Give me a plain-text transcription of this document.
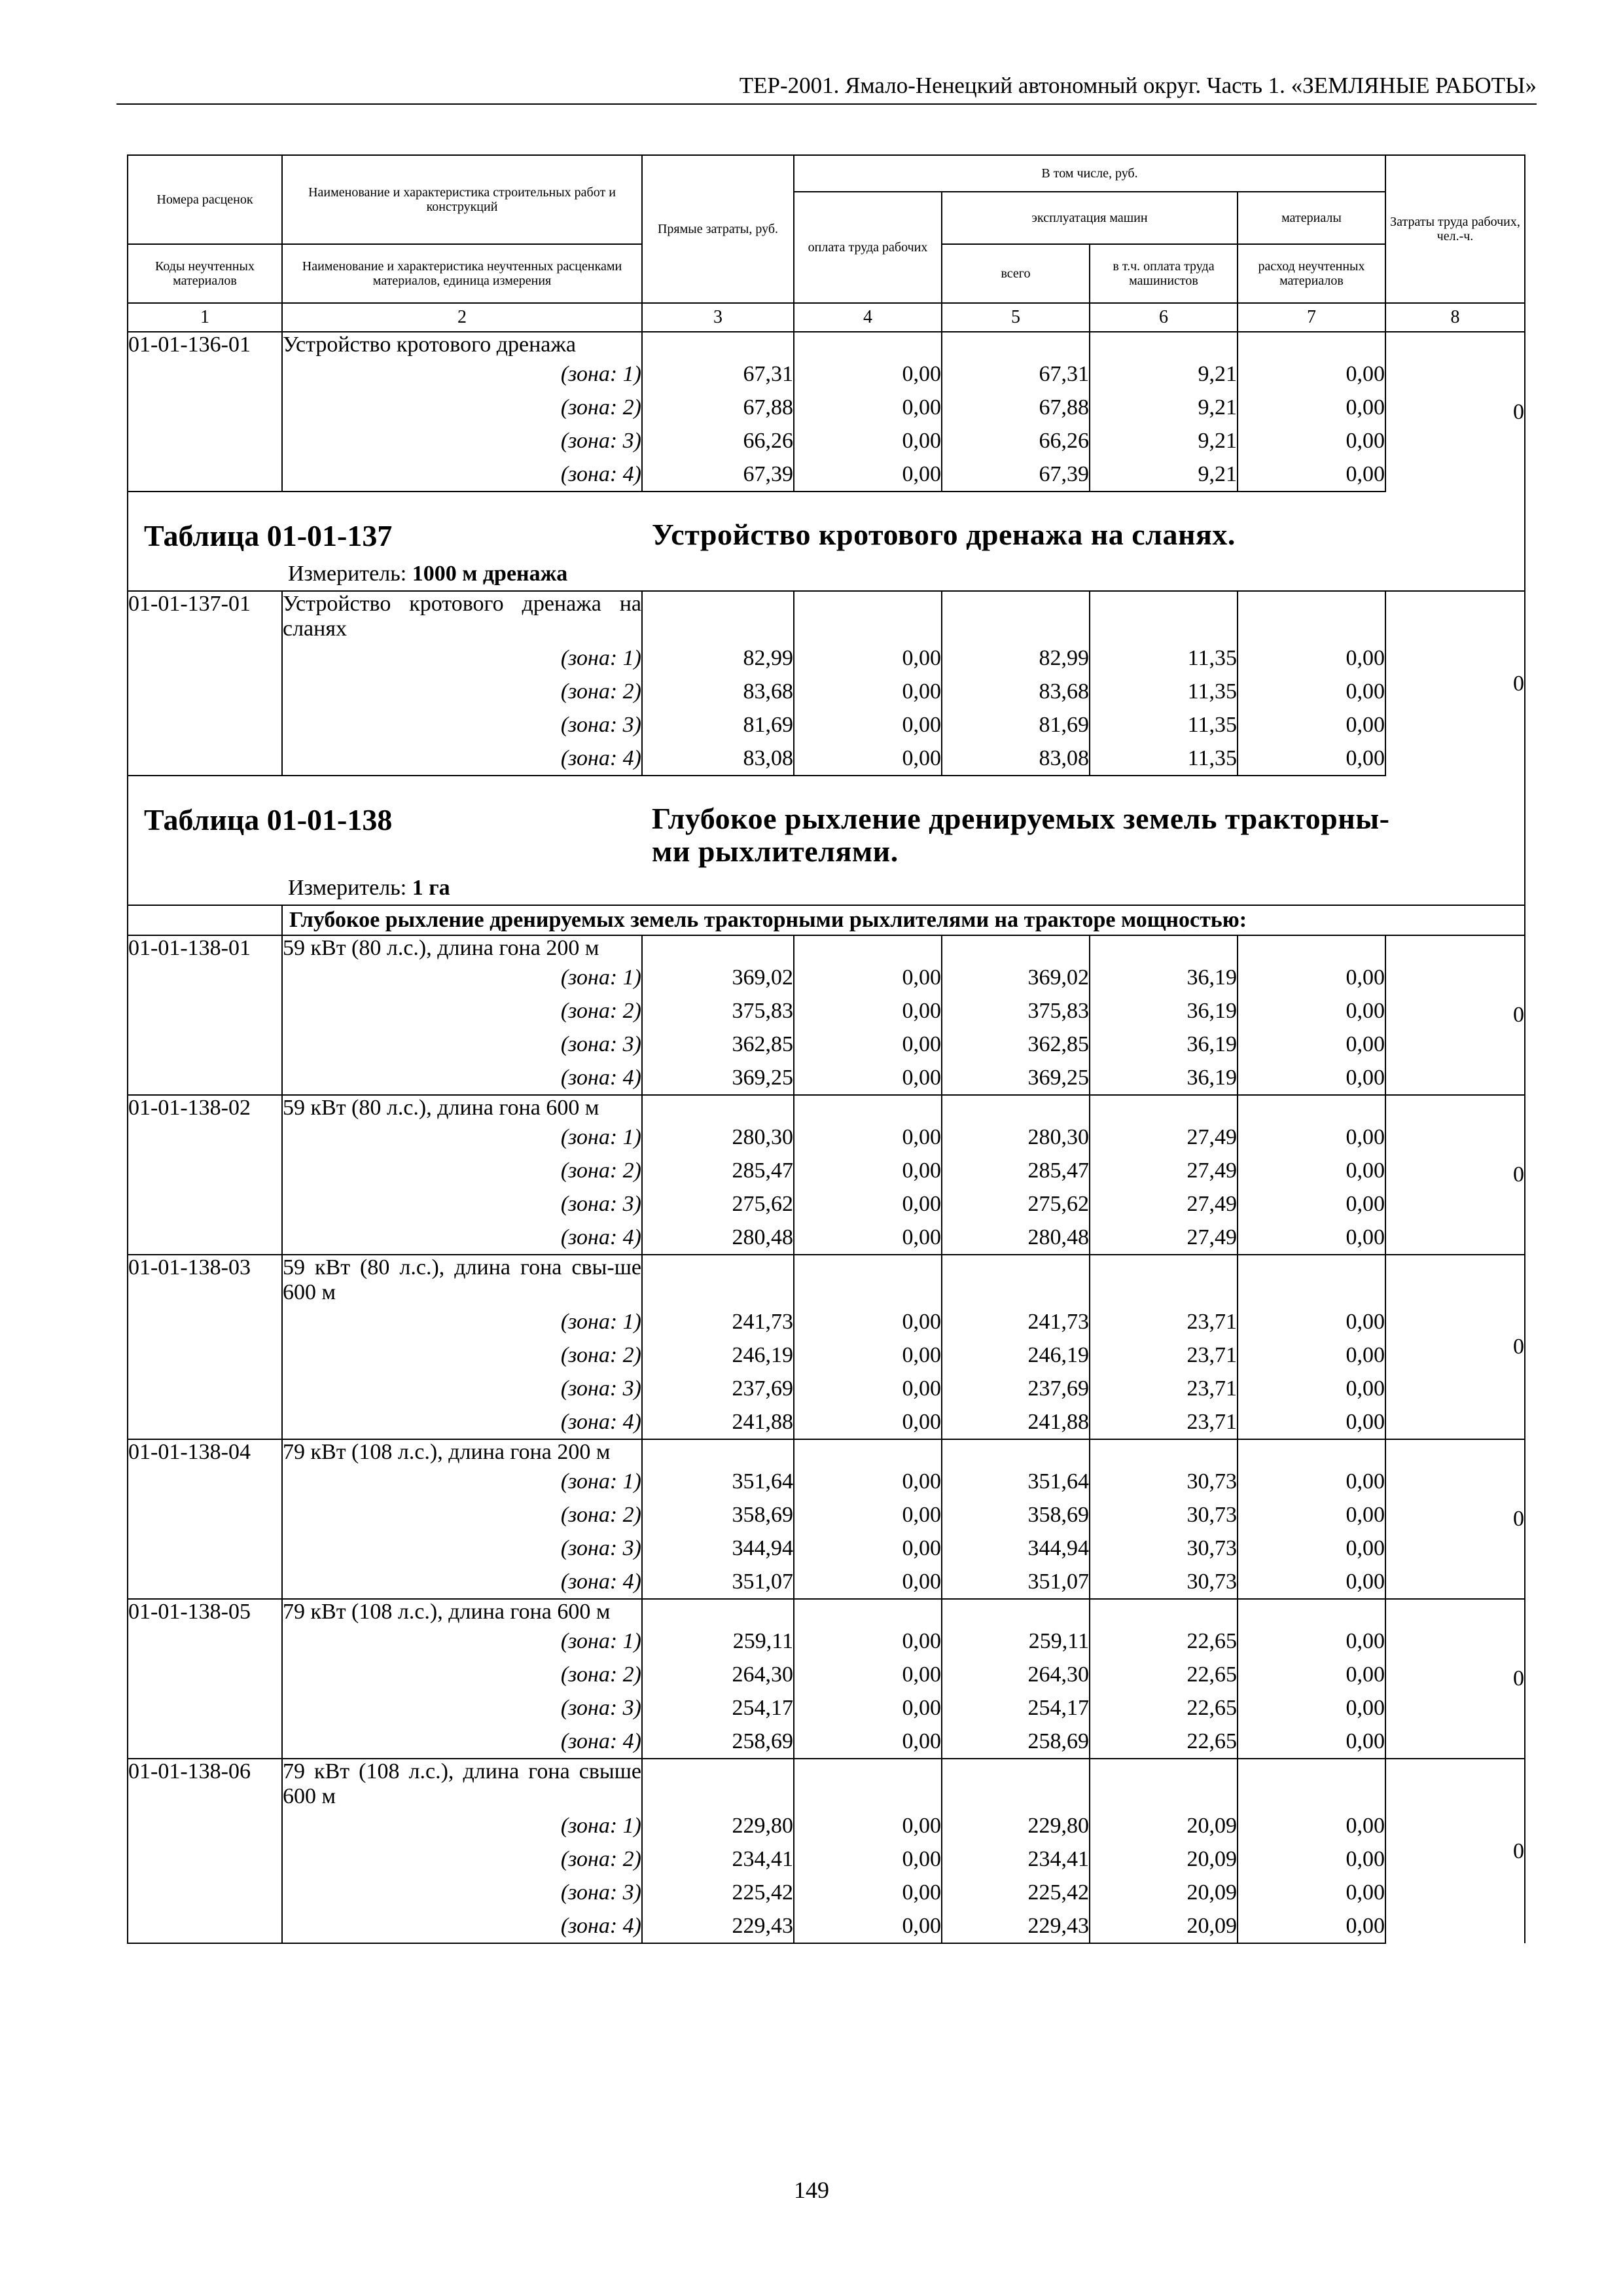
ТЕР-2001. Ямало-Ненецкий автономный округ. Часть 1. «ЗЕМЛЯНЫЕ РАБОТЫ»
Номера расценок	Наименование и характеристика строительных работ и конструкций	Прямые затраты, руб.	В том числе, руб.				Затраты труда рабочих, чел.-ч.
			оплата труда рабочих	эксплуатация машин		материалы	
Коды неучтенных материалов	Наименование и характеристика неучтенных расценками материалов, единица измерения			всего	в т.ч. оплата труда машинистов	расход неучтенных материалов	
1	2	3	4	5	6	7	8
01-01-136-01	Устройство кротового дренажа						0
	(зона: 1)	67,31	0,00	67,31	9,21	0,00	
	(зона: 2)	67,88	0,00	67,88	9,21	0,00	
	(зона: 3)	66,26	0,00	66,26	9,21	0,00	
	(зона: 4)	67,39	0,00	67,39	9,21	0,00	

Таблица 01-01-137 Устройство кротового дренажа на сланях.
Измеритель: 1000 м дренажа							

01-01-137-01	Устройство кротового дренажа на сланях						0
	(зона: 1)	82,99	0,00	82,99	11,35	0,00	
	(зона: 2)	83,68	0,00	83,68	11,35	0,00	
	(зона: 3)	81,69	0,00	81,69	11,35	0,00	
	(зона: 4)	83,08	0,00	83,08	11,35	0,00	

Таблица 01-01-138 Глубокое рыхление дренируемых земель тракторны-
ми рыхлителями.
Измеритель: 1 га							

	Глубокое рыхление дренируемых земель тракторными рыхлителями на тракторе мощностью:						
01-01-138-01	59 кВт (80 л.с.), длина гона 200 м						0
	(зона: 1)	369,02	0,00	369,02	36,19	0,00	
	(зона: 2)	375,83	0,00	375,83	36,19	0,00	
	(зона: 3)	362,85	0,00	362,85	36,19	0,00	
	(зона: 4)	369,25	0,00	369,25	36,19	0,00	
01-01-138-02	59 кВт (80 л.с.), длина гона 600 м						0
	(зона: 1)	280,30	0,00	280,30	27,49	0,00	
	(зона: 2)	285,47	0,00	285,47	27,49	0,00	
	(зона: 3)	275,62	0,00	275,62	27,49	0,00	
	(зона: 4)	280,48	0,00	280,48	27,49	0,00	
01-01-138-03	59 кВт (80 л.с.), длина гона свы-ше 600 м						0
	(зона: 1)	241,73	0,00	241,73	23,71	0,00	
	(зона: 2)	246,19	0,00	246,19	23,71	0,00	
	(зона: 3)	237,69	0,00	237,69	23,71	0,00	
	(зона: 4)	241,88	0,00	241,88	23,71	0,00	
01-01-138-04	79 кВт (108 л.с.), длина гона 200 м						0
	(зона: 1)	351,64	0,00	351,64	30,73	0,00	
	(зона: 2)	358,69	0,00	358,69	30,73	0,00	
	(зона: 3)	344,94	0,00	344,94	30,73	0,00	
	(зона: 4)	351,07	0,00	351,07	30,73	0,00	
01-01-138-05	79 кВт (108 л.с.), длина гона 600 м						0
	(зона: 1)	259,11	0,00	259,11	22,65	0,00	
	(зона: 2)	264,30	0,00	264,30	22,65	0,00	
	(зона: 3)	254,17	0,00	254,17	22,65	0,00	
	(зона: 4)	258,69	0,00	258,69	22,65	0,00	
01-01-138-06	79 кВт (108 л.с.), длина гона свыше 600 м						0
	(зона: 1)	229,80	0,00	229,80	20,09	0,00	
	(зона: 2)	234,41	0,00	234,41	20,09	0,00	
	(зона: 3)	225,42	0,00	225,42	20,09	0,00	
	(зона: 4)	229,43	0,00	229,43	20,09	0,00	
149
